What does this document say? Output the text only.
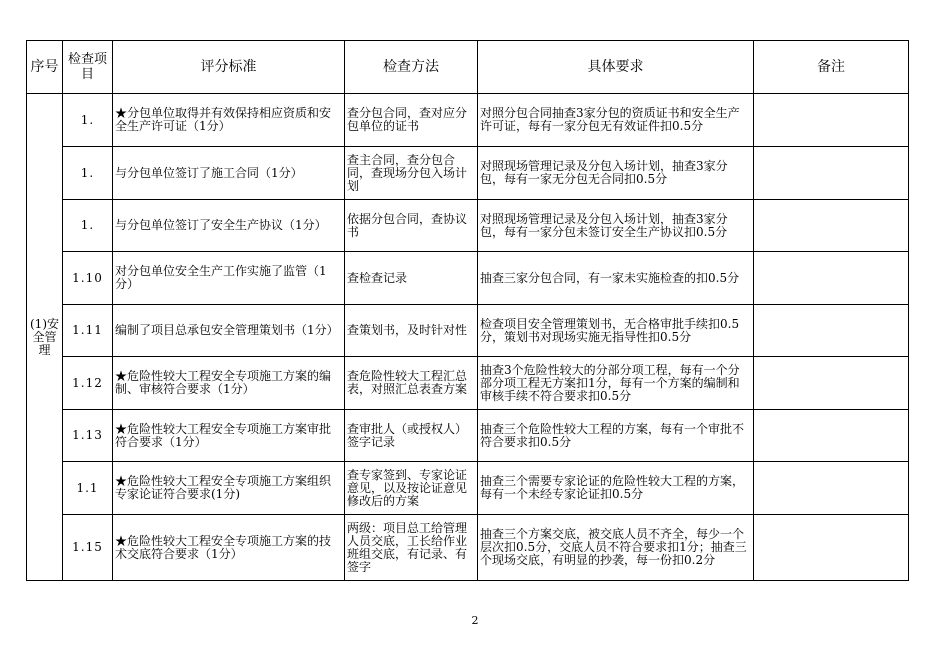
序号	检查项目	评分标准	检查方法	具体要求	备注
(1)安全管理	1.	★分包单位取得并有效保持相应资质和安全生产许可证（1分）	查分包合同，查对应分包单位的证书	对照分包合同抽查3家分包的资质证书和安全生产许可证，每有一家分包无有效证件扣0.5分	
	1.	与分包单位签订了施工合同（1分）	查主合同，查分包合同，查现场分包入场计划	对照现场管理记录及分包入场计划，抽查3家分包，每有一家无分包无合同扣0.5分	
	1.	与分包单位签订了安全生产协议（1分）	依据分包合同，查协议书	对照现场管理记录及分包入场计划，抽查3家分包，每有一家分包未签订安全生产协议扣0.5分	
	1.10	对分包单位安全生产工作实施了监管（1分）	查检查记录	抽查三家分包合同，有一家未实施检查的扣0.5分	
	1.11	编制了项目总承包安全管理策划书（1分）	查策划书，及时针对性	检查项目安全管理策划书，无合格审批手续扣0.5分，策划书对现场实施无指导性扣0.5分	
	1.12	★危险性较大工程安全专项施工方案的编制、审核符合要求（1分）	查危险性较大工程汇总表，对照汇总表查方案	抽查3个危险性较大的分部分项工程，每有一个分部分项工程无方案扣1分，每有一个方案的编制和审核手续不符合要求扣0.5分	
	1.13	★危险性较大工程安全专项施工方案审批符合要求（1分）	查审批人（或授权人）签字记录	抽查三个危险性较大工程的方案，每有一个审批不符合要求扣0.5分	
	1.1	★危险性较大工程安全专项施工方案组织专家论证符合要求(1分)	查专家签到、专家论证意见，以及按论证意见修改后的方案	抽查三个需要专家论证的危险性较大工程的方案，每有一个未经专家论证扣0.5分	
	1.15	★危险性较大工程安全专项施工方案的技术交底符合要求（1分）	两级：项目总工给管理人员交底，工长给作业班组交底，有记录、有签字	抽查三个方案交底，被交底人员不齐全，每少一个层次扣0.5分，交底人员不符合要求扣1分；抽查三个现场交底，有明显的抄袭，每一份扣0.2分	
2
